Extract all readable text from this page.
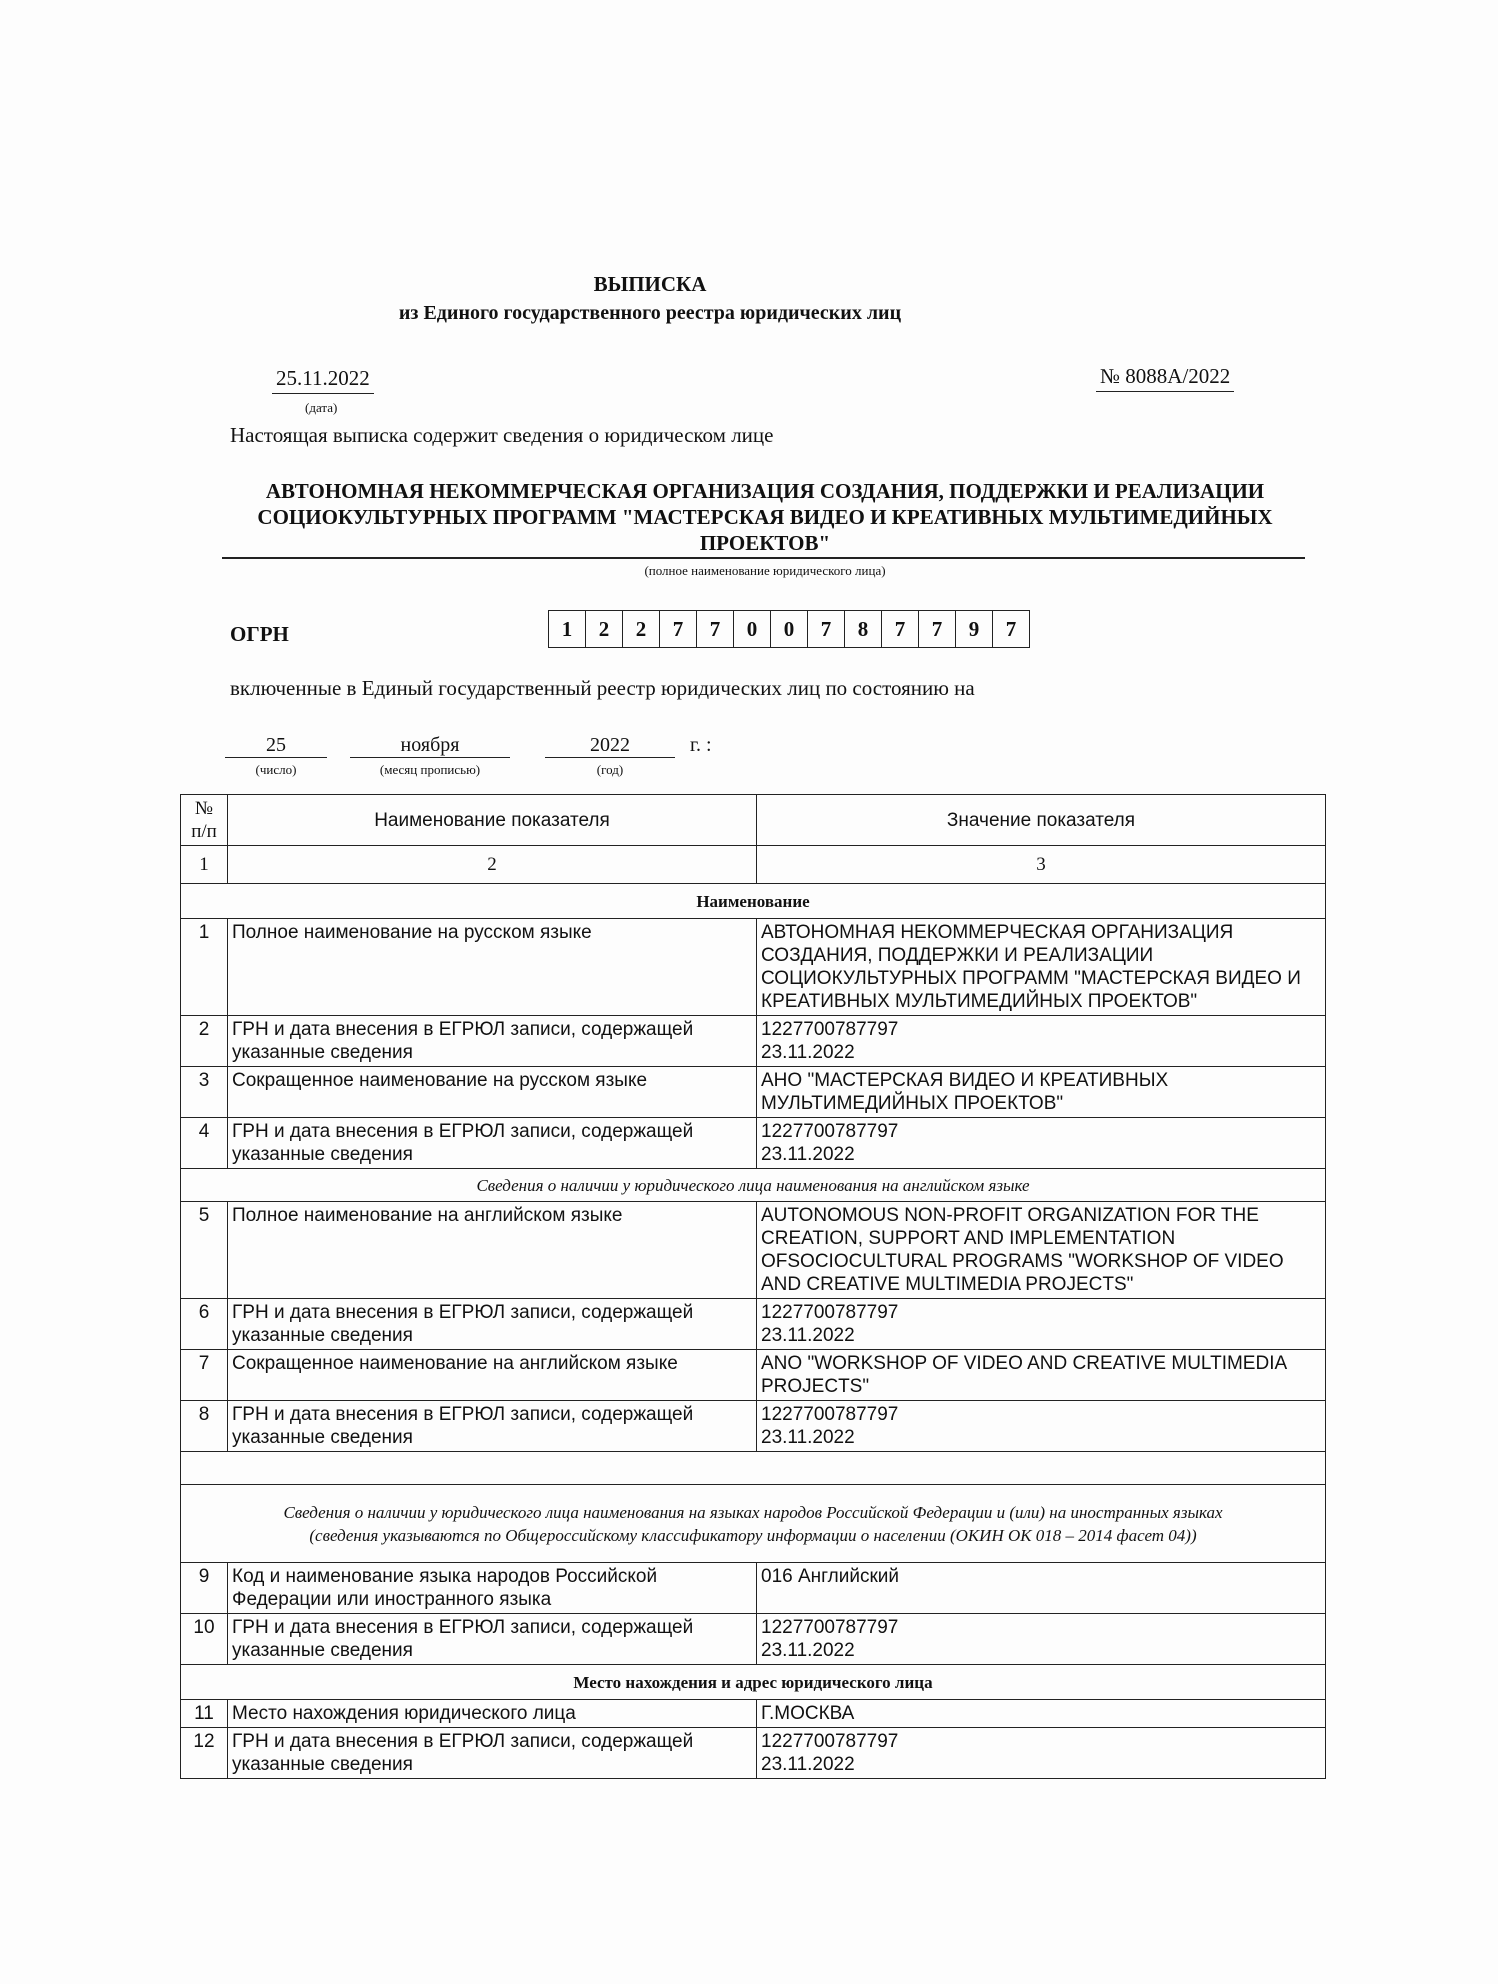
ВЫПИСКА
из Единого государственного реестра юридических лиц
25.11.2022
(дата)
№ 8088А/2022
Настоящая выписка содержит сведения о юридическом лице
АВТОНОМНАЯ НЕКОММЕРЧЕСКАЯ ОРГАНИЗАЦИЯ СОЗДАНИЯ, ПОДДЕРЖКИ И РЕАЛИЗАЦИИ СОЦИОКУЛЬТУРНЫХ ПРОГРАММ "МАСТЕРСКАЯ ВИДЕО И КРЕАТИВНЫХ МУЛЬТИМЕДИЙНЫХ ПРОЕКТОВ"
(полное наименование юридического лица)
ОГРН	1	2	2	7	7	0	0	7	8	7	7	9	7
включенные в Единый государственный реестр юридических лиц по состоянию на
25
(число)
ноября
(месяц прописью)
2022
(год)
г. :
№ п/п	Наименование показателя	Значение показателя
1	2	3
Наименование		
1	Полное наименование на русском языке	АВТОНОМНАЯ НЕКОММЕРЧЕСКАЯ ОРГАНИЗАЦИЯ СОЗДАНИЯ, ПОДДЕРЖКИ И РЕАЛИЗАЦИИ СОЦИОКУЛЬТУРНЫХ ПРОГРАММ "МАСТЕРСКАЯ ВИДЕО И КРЕАТИВНЫХ МУЛЬТИМЕДИЙНЫХ ПРОЕКТОВ"
2	ГРН и дата внесения в ЕГРЮЛ записи, содержащей указанные сведения	1227700787797
23.11.2022
3	Сокращенное наименование на русском языке	АНО "МАСТЕРСКАЯ ВИДЕО И КРЕАТИВНЫХ МУЛЬТИМЕДИЙНЫХ ПРОЕКТОВ"
4	ГРН и дата внесения в ЕГРЮЛ записи, содержащей указанные сведения	1227700787797
23.11.2022
Сведения о наличии у юридического лица наименования на английском языке		
5	Полное наименование на английском языке	AUTONOMOUS NON-PROFIT ORGANIZATION FOR THE CREATION, SUPPORT AND IMPLEMENTATION OFSOCIOCULTURAL PROGRAMS "WORKSHOP OF VIDEO AND CREATIVE MULTIMEDIA PROJECTS"
6	ГРН и дата внесения в ЕГРЮЛ записи, содержащей указанные сведения	1227700787797
23.11.2022
7	Сокращенное наименование на английском языке	ANO "WORKSHOP OF VIDEO AND CREATIVE MULTIMEDIA PROJECTS"
8	ГРН и дата внесения в ЕГРЮЛ записи, содержащей указанные сведения	1227700787797
23.11.2022

Сведения о наличии у юридического лица наименования на языках народов Российской Федерации и (или) на иностранных языках
(сведения указываются по Общероссийскому классификатору информации о населении (ОКИН ОК 018 – 2014 фасет 04))		
9	Код и наименование языка народов Российской Федерации или иностранного языка	016 Английский
10	ГРН и дата внесения в ЕГРЮЛ записи, содержащей указанные сведения	1227700787797
23.11.2022
Место нахождения и адрес юридического лица		
11	Место нахождения юридического лица	Г.МОСКВА
12	ГРН и дата внесения в ЕГРЮЛ записи, содержащей указанные сведения	1227700787797
23.11.2022
